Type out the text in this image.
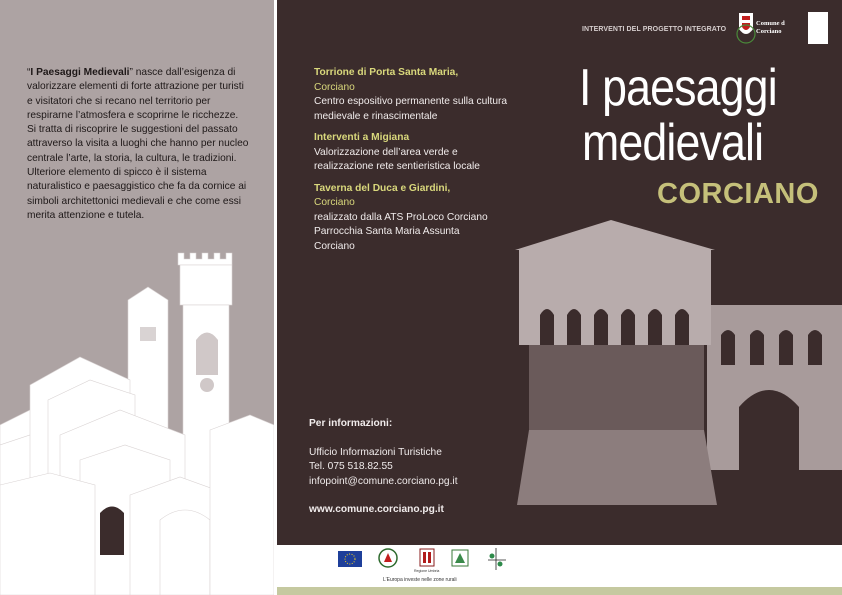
“I Paesaggi Medievali” nasce dall’esigenza di valorizzare elementi di forte attrazione per turisti e visitatori che si recano nel territorio per respirarne l’atmosfera e scoprirne le ricchezze. Si tratta di riscoprire le suggestioni del passato attraverso la visita a luoghi che hanno per nucleo centrale l’arte, la storia, la cultura, le tradizioni. Ulteriore elemento di spicco è il sistema naturalistico e paesaggistico che fa da cornice ai simboli architettonici medievali e che come essi merita attenzione e tutela.

Torrione di Porta Santa Maria,
Corciano
Centro espositivo permanente sulla cultura medievale e rinascimentale
Interventi a Migiana
Valorizzazione dell’area verde e realizzazione rete sentieristica locale
Taverna del Duca e Giardini,
Corciano
realizzato dalla ATS ProLoco Corciano
Parrocchia Santa Maria Assunta
Corciano
Per informazioni:
Ufficio Informazioni Turistiche
Tel. 075 518.82.55
infopoint@comune.corciano.pg.it
www.comune.corciano.pg.it
INTERVENTI DEL PROGETTO INTEGRATO
Comune di
Corciano
I paesaggi
medievali
CORCIANO
Regione Umbria
L’Europa investe nelle zone rurali
